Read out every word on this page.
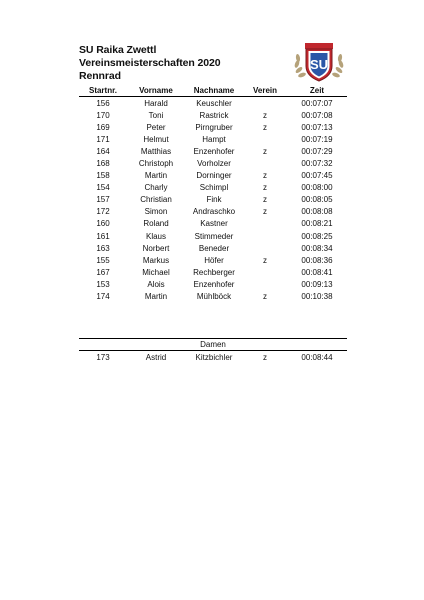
SU Raika Zwettl
Vereinsmeisterschaften 2020
Rennrad
SU
Startnr.	Vorname	Nachname	Verein	Zeit
156	Harald	Keuschler		00:07:07
170	Toni	Rastrick	z	00:07:08
169	Peter	Pirngruber	z	00:07:13
171	Helmut	Hampt		00:07:19
164	Matthias	Enzenhofer	z	00:07:29
168	Christoph	Vorholzer		00:07:32
158	Martin	Dorninger	z	00:07:45
154	Charly	Schimpl	z	00:08:00
157	Christian	Fink	z	00:08:05
172	Simon	Andraschko	z	00:08:08
160	Roland	Kastner		00:08:21
161	Klaus	Stimmeder		00:08:25
163	Norbert	Beneder		00:08:34
155	Markus	Höfer	z	00:08:36
167	Michael	Rechberger		00:08:41
153	Alois	Enzenhofer		00:09:13
174	Martin	Mühlböck	z	00:10:38
Damen
173	Astrid	Kitzbichler	z	00:08:44
